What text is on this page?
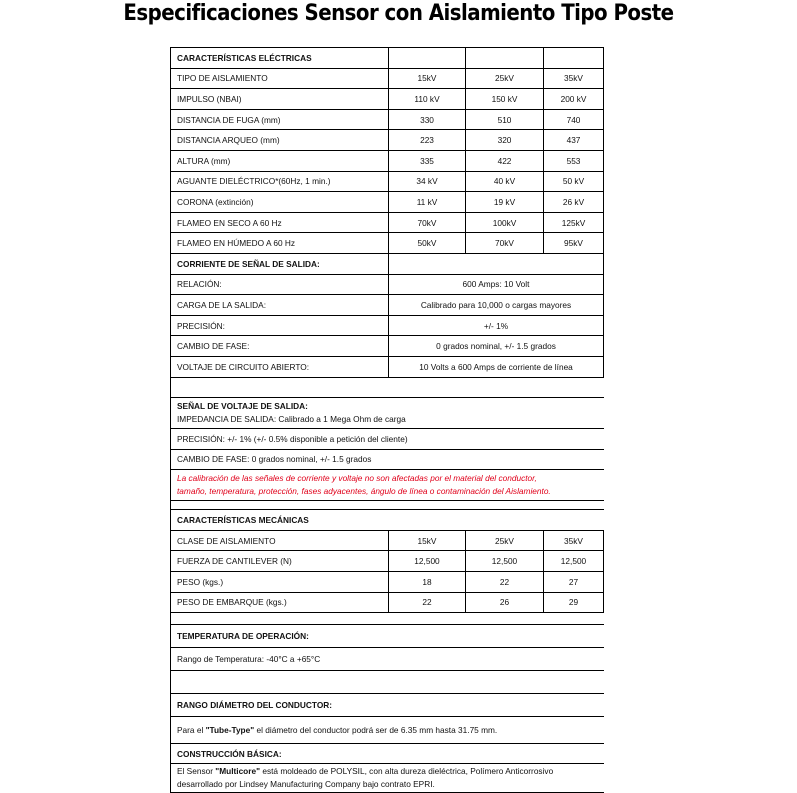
Especificaciones Sensor con Aislamiento Tipo Poste
CARACTERÍSTICAS ELÉCTRICAS			
TIPO DE AISLAMIENTO	15kV	25kV	35kV
IMPULSO (NBAI)	110 kV	150 kV	200 kV
DISTANCIA DE FUGA (mm)	330	510	740
DISTANCIA ARQUEO (mm)	223	320	437
ALTURA (mm)	335	422	553
AGUANTE DIELÉCTRICO*(60Hz, 1 min.)	34 kV	40 kV	50 kV
CORONA (extinción)	11 kV	19 kV	26 kV
FLAMEO EN SECO A 60 Hz	70kV	100kV	125kV
FLAMEO EN HÚMEDO A 60 Hz	50kV	70kV	95kV
CORRIENTE DE SEÑAL DE SALIDA:			
RELACIÓN:	600 Amps: 10 Volt		
CARGA DE LA SALIDA:	Calibrado para 10,000 o cargas mayores		
PRECISIÓN:	+/- 1%		
CAMBIO DE FASE:	0 grados nominal, +/- 1.5 grados		
VOLTAJE DE CIRCUITO ABIERTO:	10 Volts a 600 Amps de corriente de línea		

SEÑAL DE VOLTAJE DE SALIDA:
IMPEDANCIA DE SALIDA: Calibrado a 1 Mega Ohm de carga			

PRECISIÓN: +/- 1% (+/- 0.5% disponible a petición del cliente)			
CAMBIO DE FASE: 0 grados nominal, +/- 1.5 grados			

La calibración de las señales de corriente y voltaje no son afectadas por el material del conductor,
tamaño, temperatura, protección, fases adyacentes, ángulo de línea o contaminación del Aislamiento.			

CARACTERÍSTICAS MECÁNICAS			
CLASE DE AISLAMIENTO	15kV	25kV	35kV
FUERZA DE CANTILEVER (N)	12,500	12,500	12,500
PESO (kgs.)	18	22	27
PESO DE EMBARQUE (kgs.)	22	26	29

TEMPERATURA DE OPERACIÓN:			
Rango de Temperatura: -40°C a +65°C			

RANGO DIÁMETRO DEL CONDUCTOR:			
Para el "Tube-Type" el diámetro del conductor podrá ser de 6.35 mm hasta 31.75 mm.			
CONSTRUCCIÓN BÁSICA:			

El Sensor "Multicore" está moldeado de POLYSIL, con alta dureza dieléctrica, Polímero Anticorrosivo
desarrollado por Lindsey Manufacturing Company bajo contrato EPRI.			
